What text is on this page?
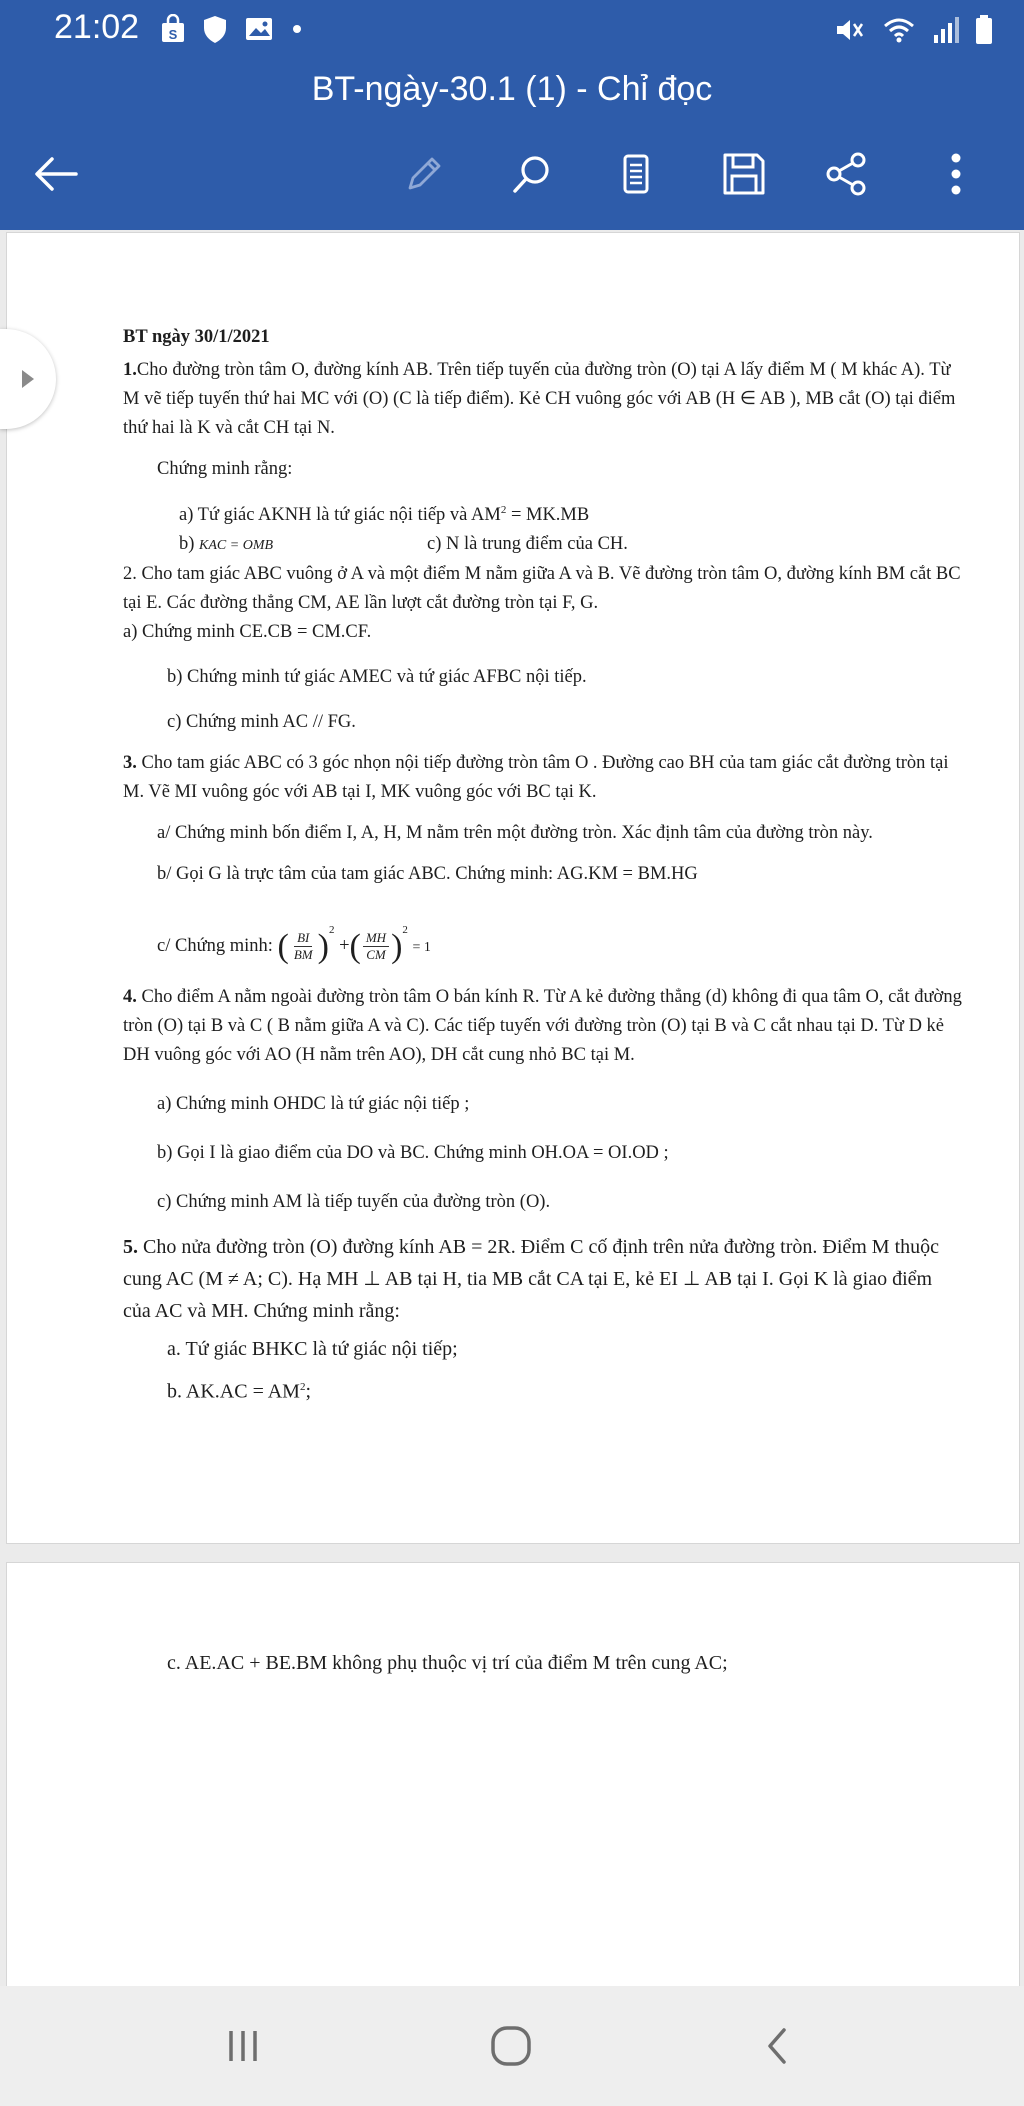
21:02 S
BT-ngày-30.1 (1) - Chỉ đọc

BT ngày 30/1/2021

1.Cho đường tròn tâm O, đường kính AB. Trên tiếp tuyến của đường tròn (O) tại A lấy điểm M ( M khác A). Từ M vẽ tiếp tuyến thứ hai MC với (O) (C là tiếp điểm). Kẻ CH vuông góc với AB (H ∈ AB ), MB cắt (O) tại điểm thứ hai là K và cắt CH tại N.

Chứng minh rằng:

a) Tứ giác AKNH là tứ giác nội tiếp và $AM^2 = MK.MB$

b) KAC = OMB	c) N là trung điểm của CH.

2. Cho tam giác ABC vuông ở A và một điểm M nằm giữa A và B. Vẽ đường tròn tâm O, đường kính BM cắt BC tại E. Các đường thẳng CM, AE lần lượt cắt đường tròn tại F, G.

a) Chứng minh CE.CB = CM.CF.

b) Chứng minh tứ giác AMEC và tứ giác AFBC nội tiếp.

c) Chứng minh AC // FG.

3. Cho tam giác ABC có 3 góc nhọn nội tiếp đường tròn tâm O . Đường cao BH của tam giác cắt đường tròn tại M. Vẽ MI vuông góc với AB tại I, MK vuông góc với BC tại K.

a/ Chứng minh bốn điểm I, A, H, M nằm trên một đường tròn. Xác định tâm của đường tròn này.

b/ Gọi G là trực tâm của tam giác ABC. Chứng minh: AG.KM = BM.HG

c/ Chứng minh: ( $\frac{BI}{BM} )^2$ +( $\frac{MH}{CM} )^2 = 1$

4. Cho điểm A nằm ngoài đường tròn tâm O bán kính R. Từ A kẻ đường thẳng (d) không đi qua tâm O, cắt đường tròn (O) tại B và C ( B nằm giữa A và C). Các tiếp tuyến với đường tròn (O) tại B và C cắt nhau tại D. Từ D kẻ DH vuông góc với AO (H nằm trên AO), DH cắt cung nhỏ BC tại M.

a) Chứng minh OHDC là tứ giác nội tiếp ;

b) Gọi I là giao điểm của DO và BC. Chứng minh OH.OA = OI.OD ;

c) Chứng minh AM là tiếp tuyến của đường tròn (O).

5. Cho nửa đường tròn (O) đường kính AB = 2R. Điểm C cố định trên nửa đường tròn. Điểm M thuộc cung AC (M ≠ A; C). Hạ MH ⊥ AB tại H, tia MB cắt CA tại E, kẻ EI ⊥ AB tại I. Gọi K là giao điểm của AC và MH. Chứng minh rằng:

a. Tứ giác BHKC là tứ giác nội tiếp;

b. $AK.AC = AM^2$;

c. AE.AC + BE.BM không phụ thuộc vị trí của điểm M trên cung AC;
